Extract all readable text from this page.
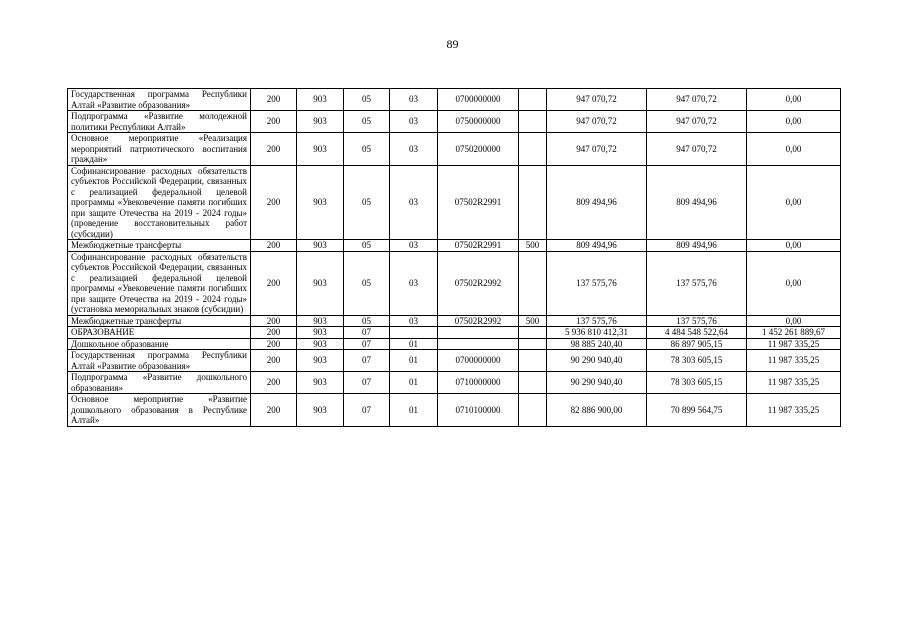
89
Государственная программа Республики Алтай «Развитие образования»	200	903	05	03	0700000000		947 070,72	947 070,72	0,00
Подпрограмма «Развитие молодежной политики Республики Алтай»	200	903	05	03	0750000000		947 070,72	947 070,72	0,00
Основное мероприятие «Реализация мероприятий патриотического воспитания граждан»	200	903	05	03	0750200000		947 070,72	947 070,72	0,00
Софинансирование расходных обязательств субъектов Российской Федерации, связанных с реализацией федеральной целевой программы «Увековечение памяти погибших при защите Отечества на 2019 - 2024 годы» (проведение восстановительных работ (субсидии)	200	903	05	03	07502R2991		809 494,96	809 494,96	0,00
Межбюджетные трансферты	200	903	05	03	07502R2991	500	809 494,96	809 494,96	0,00
Софинансирование расходных обязательств субъектов Российской Федерации, связанных с реализацией федеральной целевой программы «Увековечение памяти погибших при защите Отечества на 2019 - 2024 годы» (установка мемориальных знаков (субсидии)	200	903	05	03	07502R2992		137 575,76	137 575,76	0,00
Межбюджетные трансферты	200	903	05	03	07502R2992	500	137 575,76	137 575,76	0,00
ОБРАЗОВАНИЕ	200	903	07				5 936 810 412,31	4 484 548 522,64	1 452 261 889,67
Дошкольное образование	200	903	07	01			98 885 240,40	86 897 905,15	11 987 335,25
Государственная программа Республики Алтай «Развитие образования»	200	903	07	01	0700000000		90 290 940,40	78 303 605,15	11 987 335,25
Подпрограмма «Развитие дошкольного образования»	200	903	07	01	0710000000		90 290 940,40	78 303 605,15	11 987 335,25
Основное мероприятие «Развитие дошкольного образования в Республике Алтай»	200	903	07	01	0710100000		82 886 900,00	70 899 564,75	11 987 335,25
